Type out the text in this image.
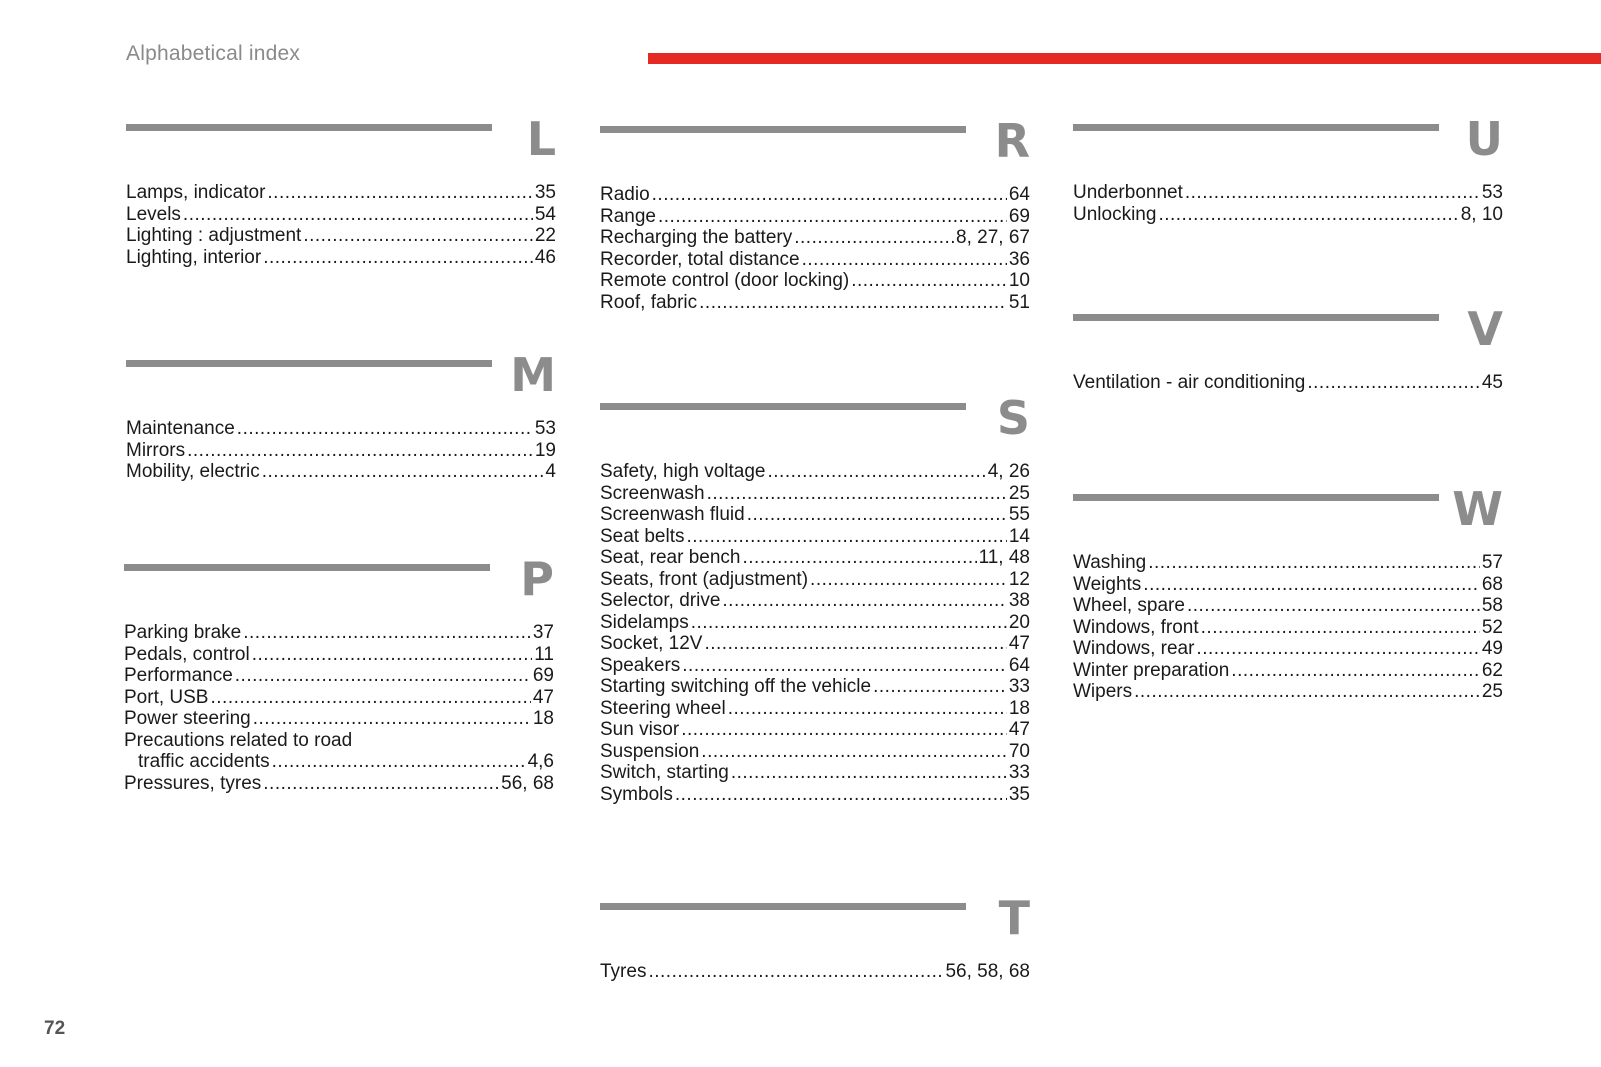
Alphabetical index
L
Lamps, indicator .....	35
Levels .....	54
Lighting : adjustment .....	22
Lighting, interior .....	46
M
Maintenance .....	53
Mirrors .....	19
Mobility, electric .....	4
P
Parking brake .....	37
Pedals, control .....	11
Performance .....	69
Port, USB .....	47
Power steering .....	18
Precautions related to road
traffic accidents .....	4,6
Pressures, tyres .....	56, 68
R
Radio .....	64
Range .....	69
Recharging the battery .....	8, 27, 67
Recorder, total distance .....	36
Remote control (door locking) .....	10
Roof, fabric .....	51
S
Safety, high voltage .....	4, 26
Screenwash .....	25
Screenwash fluid .....	55
Seat belts .....	14
Seat, rear bench .....	11, 48
Seats, front (adjustment) .....	12
Selector, drive .....	38
Sidelamps .....	20
Socket, 12V .....	47
Speakers .....	64
Starting switching off the vehicle .....	33
Steering wheel .....	18
Sun visor .....	47
Suspension .....	70
Switch, starting .....	33
Symbols .....	35
T
Tyres .....	56, 58, 68
U
Underbonnet .....	53
Unlocking .....	8, 10
V
Ventilation - air conditioning .....	45
W
Washing .....	57
Weights .....	68
Wheel, spare .....	58
Windows, front .....	52
Windows, rear .....	49
Winter preparation .....	62
Wipers .....	25
72
